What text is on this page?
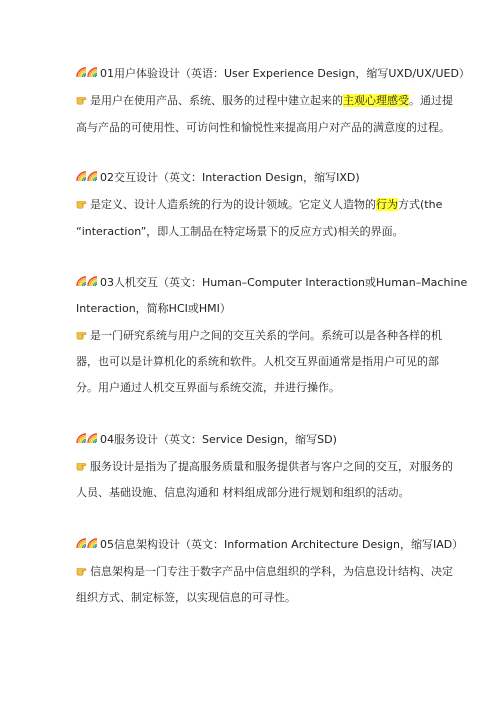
01用户体验设计（英语：User Experience Design，缩写UXD/UX/UED）
是用户在使用产品、系统、服务的过程中建立起来的主观心理感受。通过提
高与产品的可使用性、可访问性和愉悦性来提高用户对产品的满意度的过程。
02交互设计（英文：Interaction Design，缩写IXD)
是定义、设计人造系统的行为的设计领域。它定义人造物的行为方式(the
“interaction”，即人工制品在特定场景下的反应方式)相关的界面。
03人机交互（英文：Human–Computer Interaction或Human–Machine
Interaction，简称HCI或HMI）
是一门研究系统与用户之间的交互关系的学问。系统可以是各种各样的机
器，也可以是计算机化的系统和软件。人机交互界面通常是指用户可见的部
分。用户通过人机交互界面与系统交流，并进行操作。
04服务设计（英文：Service Design，缩写SD)
服务设计是指为了提高服务质量和服务提供者与客户之间的交互，对服务的
人员、基础设施、信息沟通和 材料组成部分进行规划和组织的活动。
05信息架构设计（英文：Information Architecture Design，缩写IAD）
信息架构是一门专注于数字产品中信息组织的学科，为信息设计结构、决定
组织方式、制定标签，以实现信息的可寻性。
